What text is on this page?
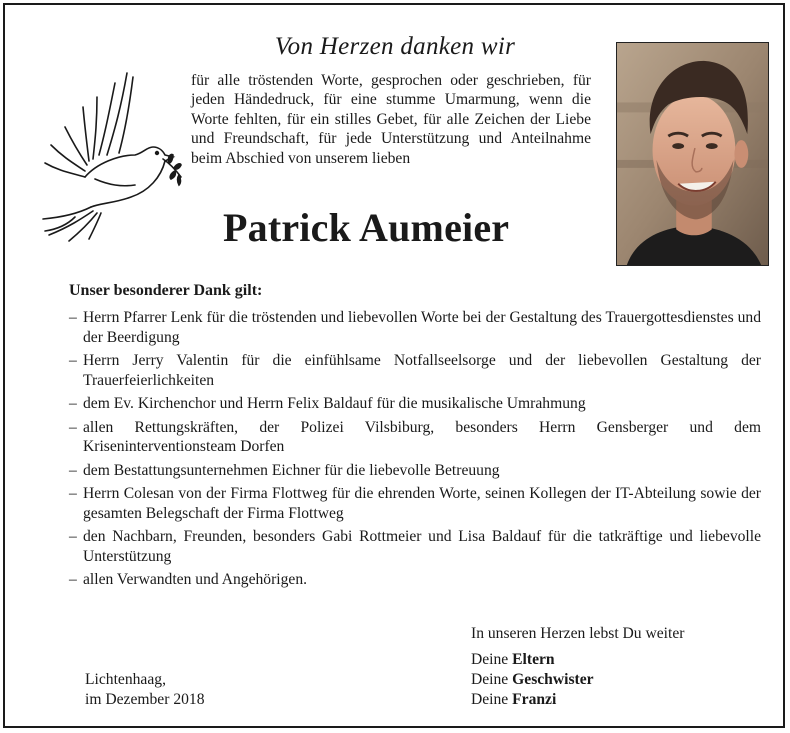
Von Herzen danken wir

für alle tröstenden Worte, gesprochen oder geschrieben, für jeden Händedruck, für eine stumme Umarmung, wenn die Worte fehlten, für ein stilles Gebet, für alle Zeichen der Liebe und Freundschaft, für jede Unterstützung und Anteilnahme beim Abschied von unserem lieben

Patrick Aumeier
Unser besonderer Dank gilt:
– Herrn Pfarrer Lenk für die tröstenden und liebevollen Worte bei der Gestaltung des Trauergottesdienstes und der Beerdigung
– Herrn Jerry Valentin für die einfühlsame Notfallseelsorge und der liebevollen Gestaltung der Trauerfeierlichkeiten
– dem Ev. Kirchenchor und Herrn Felix Baldauf für die musikalische Umrahmung
– allen Rettungskräften, der Polizei Vilsbiburg, besonders Herrn Gensberger und dem Kriseninterventionsteam Dorfen
– dem Bestattungsunternehmen Eichner für die liebevolle Betreuung
– Herrn Colesan von der Firma Flottweg für die ehrenden Worte, seinen Kollegen der IT-Abteilung sowie der gesamten Belegschaft der Firma Flottweg
– den Nachbarn, Freunden, besonders Gabi Rottmeier und Lisa Baldauf für die tatkräftige und liebevolle Unterstützung
– allen Verwandten und Angehörigen.

In unseren Herzen lebst Du weiter

Deine Eltern
Deine Geschwister
Deine Franzi
Lichtenhaag,
im Dezember 2018
